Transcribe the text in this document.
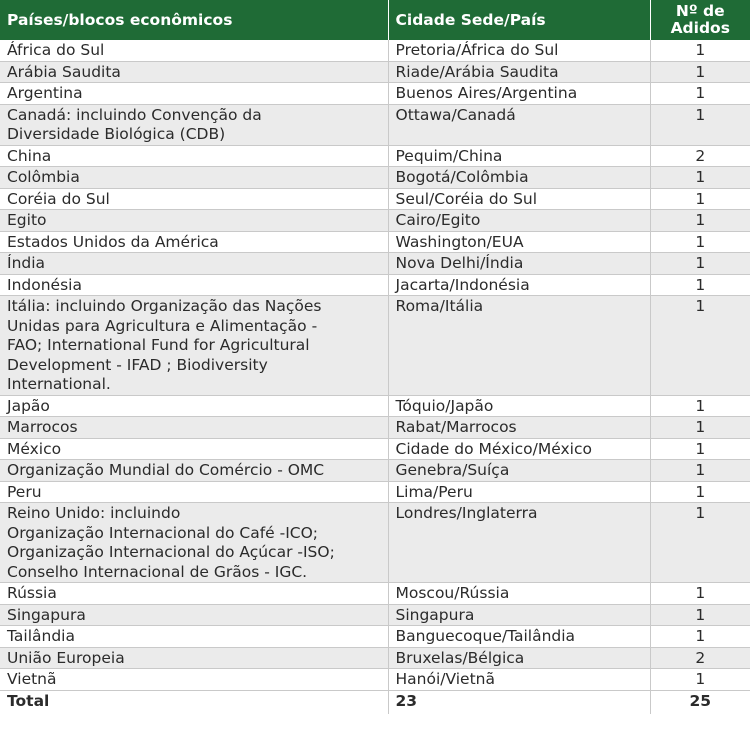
Países/blocos econômicos	Cidade Sede/País	Nº de
Adidos
África do Sul	Pretoria/África do Sul	1
Arábia Saudita	Riade/Arábia Saudita	1
Argentina	Buenos Aires/Argentina	1
Canadá: incluindo Convenção da
Diversidade Biológica (CDB)	Ottawa/Canadá	1
China	Pequim/China	2
Colômbia	Bogotá/Colômbia	1
Coréia do Sul	Seul/Coréia do Sul	1
Egito	Cairo/Egito	1
Estados Unidos da América	Washington/EUA	1
Índia	Nova Delhi/Índia	1
Indonésia	Jacarta/Indonésia	1
Itália: incluindo Organização das Nações
Unidas para Agricultura e Alimentação -
FAO; International Fund for Agricultural
Development - IFAD ; Biodiversity
International.	Roma/Itália	1
Japão	Tóquio/Japão	1
Marrocos	Rabat/Marrocos	1
México	Cidade do México/México	1
Organização Mundial do Comércio - OMC	Genebra/Suíça	1
Peru	Lima/Peru	1
Reino Unido: incluindo
Organização Internacional do Café -ICO;
Organização Internacional do Açúcar -ISO;
Conselho Internacional de Grãos - IGC.	Londres/Inglaterra	1
Rússia	Moscou/Rússia	1
Singapura	Singapura	1
Tailândia	Banguecoque/Tailândia	1
União Europeia	Bruxelas/Bélgica	2
Vietnã	Hanói/Vietnã	1
Total	23	25
